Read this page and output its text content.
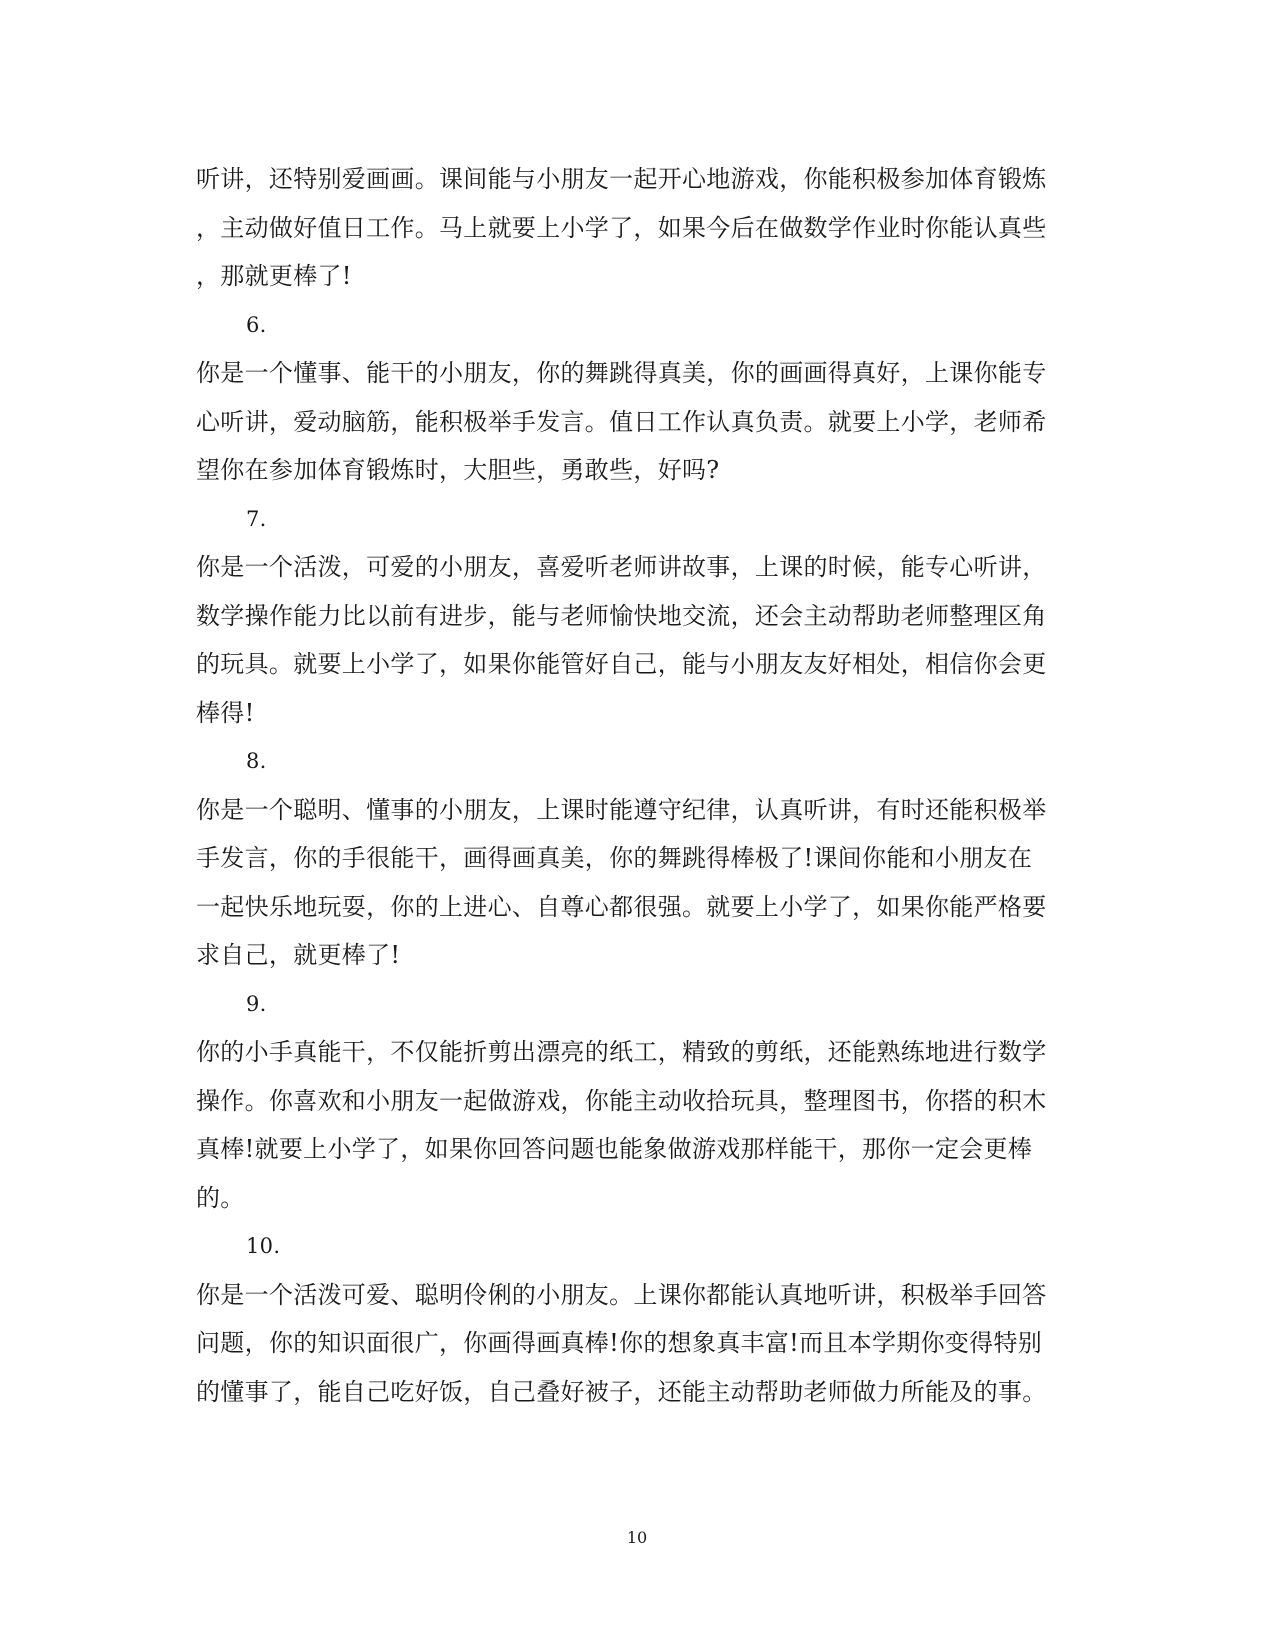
听讲，还特别爱画画。课间能与小朋友一起开心地游戏，你能积极参加体育锻炼
，主动做好值日工作。马上就要上小学了，如果今后在做数学作业时你能认真些
，那就更棒了!
6.
你是一个懂事、能干的小朋友，你的舞跳得真美，你的画画得真好，上课你能专
心听讲，爱动脑筋，能积极举手发言。值日工作认真负责。就要上小学，老师希
望你在参加体育锻炼时，大胆些，勇敢些，好吗?
7.
你是一个活泼，可爱的小朋友，喜爱听老师讲故事，上课的时候，能专心听讲，
数学操作能力比以前有进步，能与老师愉快地交流，还会主动帮助老师整理区角
的玩具。就要上小学了，如果你能管好自己，能与小朋友友好相处，相信你会更
棒得!
8.
你是一个聪明、懂事的小朋友，上课时能遵守纪律，认真听讲，有时还能积极举
手发言，你的手很能干，画得画真美，你的舞跳得棒极了!课间你能和小朋友在
一起快乐地玩耍，你的上进心、自尊心都很强。就要上小学了，如果你能严格要
求自己，就更棒了!
9.
你的小手真能干，不仅能折剪出漂亮的纸工，精致的剪纸，还能熟练地进行数学
操作。你喜欢和小朋友一起做游戏，你能主动收拾玩具，整理图书，你搭的积木
真棒!就要上小学了，如果你回答问题也能象做游戏那样能干，那你一定会更棒
的。
10.
你是一个活泼可爱、聪明伶俐的小朋友。上课你都能认真地听讲，积极举手回答
问题，你的知识面很广，你画得画真棒!你的想象真丰富!而且本学期你变得特别
的懂事了，能自己吃好饭，自己叠好被子，还能主动帮助老师做力所能及的事。
10
